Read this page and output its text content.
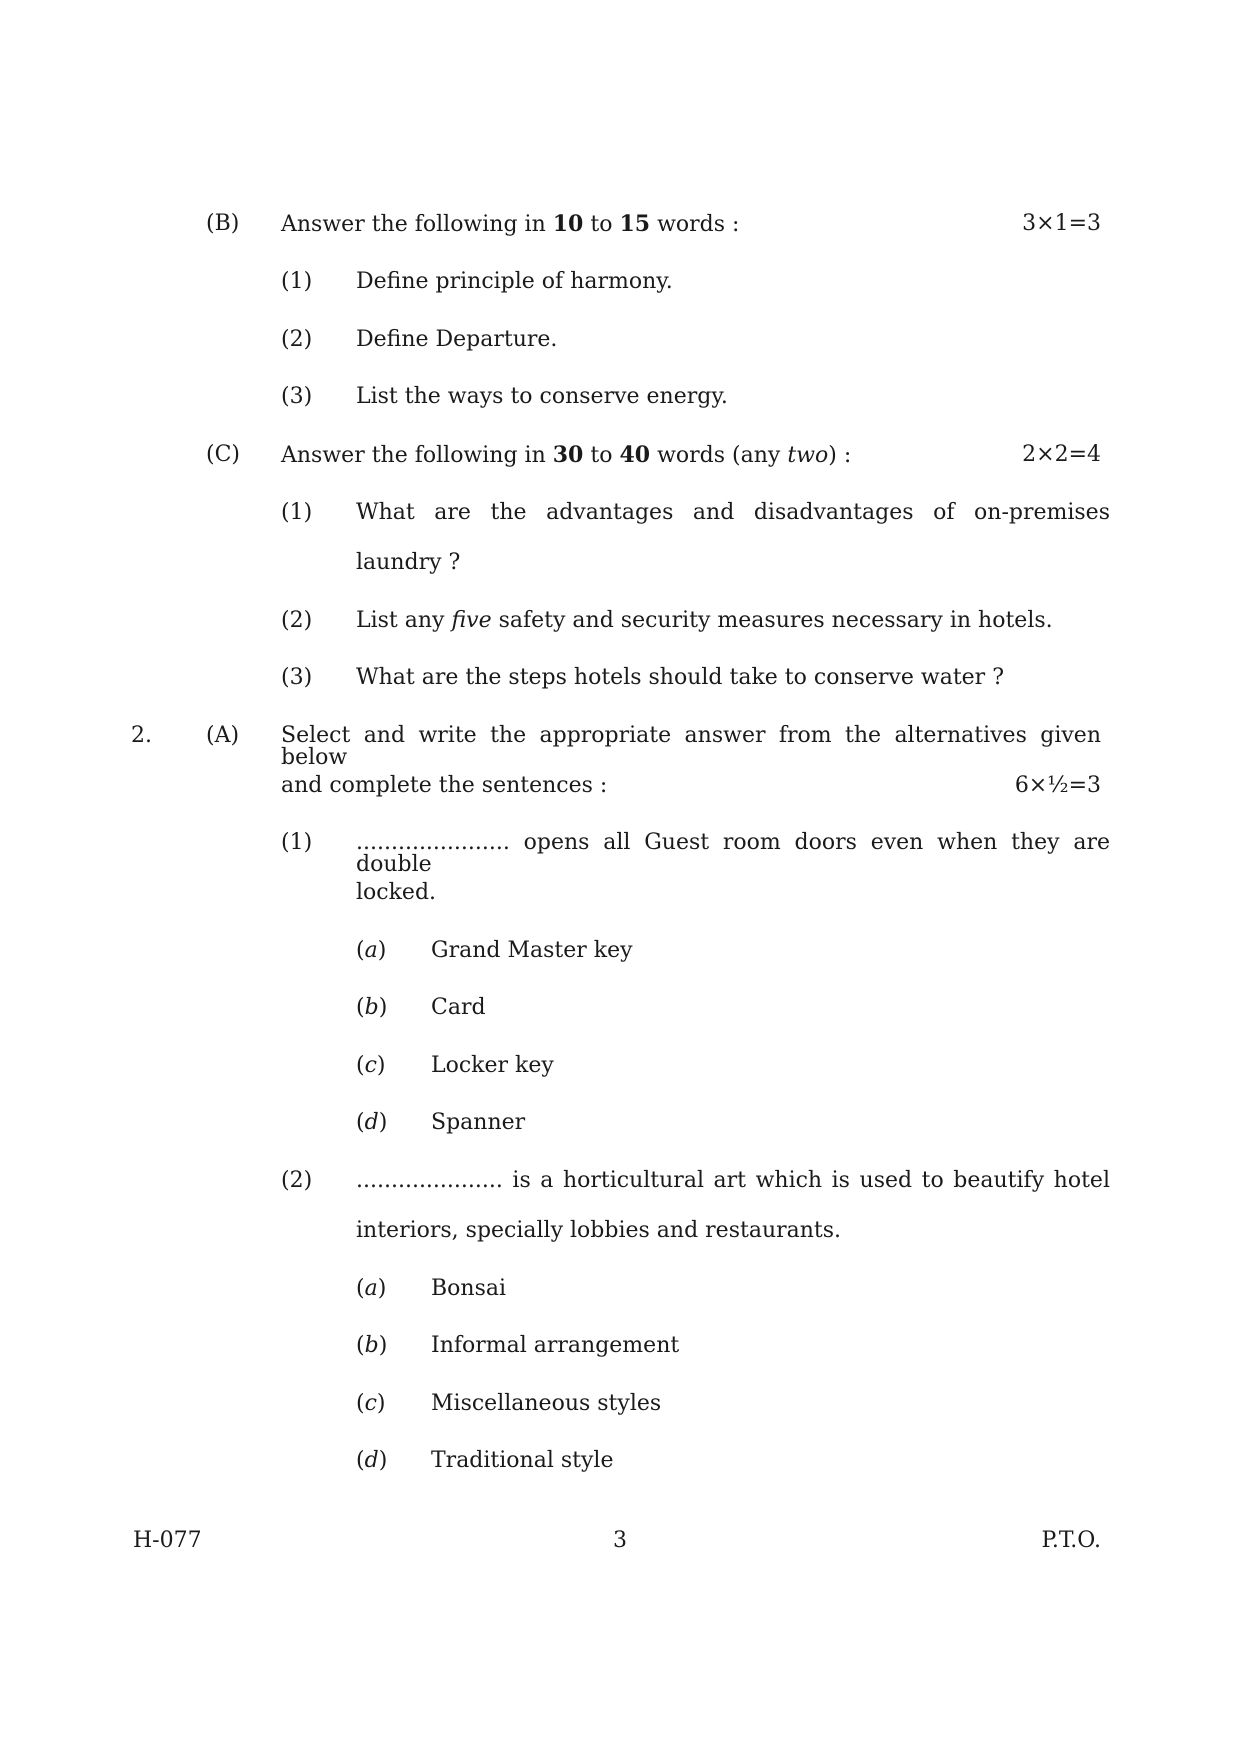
(B) Answer the following in 10 to 15 words :	3×1=3
(1) Define principle of harmony.
(2) Define Departure.
(3) List the ways to conserve energy.
(C) Answer the following in 30 to 40 words (any two) :	2×2=4
(1) What are the advantages and disadvantages of on-premises
laundry ?
(2) List any five safety and security measures necessary in hotels.
(3) What are the steps hotels should take to conserve water ?
2. (A) Select and write the appropriate answer from the alternatives given below
and complete the sentences :	6×½=3
(1) ...................... opens all Guest room doors even when they are double
locked.
(a) Grand Master key
(b) Card
(c) Locker key
(d) Spanner
(2) ..................... is a horticultural art which is used to beautify hotel
interiors, specially lobbies and restaurants.
(a) Bonsai
(b) Informal arrangement
(c) Miscellaneous styles
(d) Traditional style
H-077	3	P.T.O.
